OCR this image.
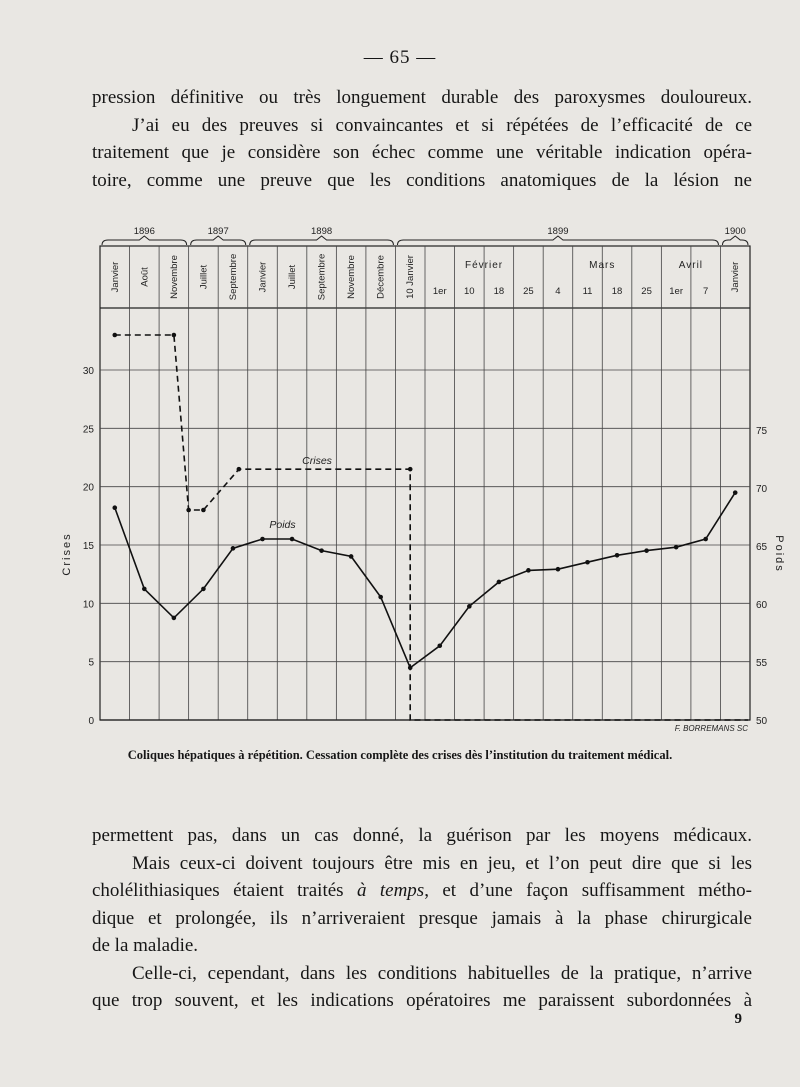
— 65 —
pression définitive ou très longuement durable des paroxysmes douloureux.
J’ai eu des preuves si convaincantes et si répétées de l’efficacité de ce
traitement que je considère son échec comme une véritable indication opéra-
toire, comme une preuve que les conditions anatomiques de la lésion ne
0
5
10
15
20
25
30
50
55
60
65
70
75
Crises	Poids
1896	1897	1898	1899	1900
Janvier Août Novembre Juillet Septembre Janvier Juillet Septembre Novembre Décembre 10 Janvier 1er 10 18 25 4 11 18 25 1er 7 Janvier
Février	Mars	Avril
Crises
Poids
F. BORREMANS SC
Coliques hépatiques à répétition. Cessation complète des crises dès l’institution du traitement médical.
permettent pas, dans un cas donné, la guérison par les moyens médicaux.
Mais ceux-ci doivent toujours être mis en jeu, et l’on peut dire que si les
cholélithiasiques étaient traités à temps, et d’une façon suffisamment métho-
dique et prolongée, ils n’arriveraient presque jamais à la phase chirurgicale
de la maladie.
Celle-ci, cependant, dans les conditions habituelles de la pratique, n’arrive
que trop souvent, et les indications opératoires me paraissent subordonnées à
9
